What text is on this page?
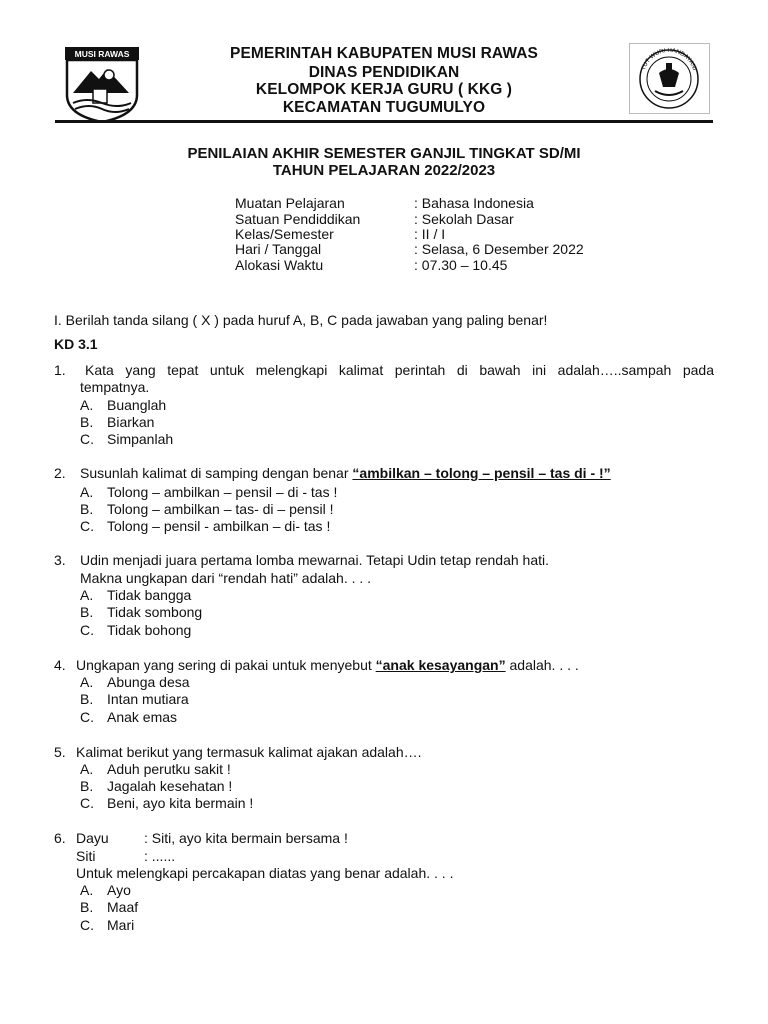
MUSI RAWAS	PEMERINTAH KABUPATEN MUSI RAWAS
DINAS PENDIDIKAN
KELOMPOK KERJA GURU ( KKG )
KECAMATAN TUGUMULYO
TUT WURI HANDAYANI
PENILAIAN AKHIR SEMESTER GANJIL TINGKAT SD/MI
TAHUN PELAJARAN 2022/2023
Muatan Pelajaran	: Bahasa Indonesia
Satuan Pendiddikan	: Sekolah Dasar
Kelas/Semester	: II / I
Hari / Tanggal	: Selasa, 6 Desember 2022
Alokasi Waktu	: 07.30 – 10.45
I. Berilah tanda silang ( X ) pada huruf A, B, C pada jawaban yang paling benar!
KD 3.1
1. Kata yang tepat untuk melengkapi kalimat perintah di bawah ini adalah…..sampah pada
tempatnya.
A. Buanglah
B. Biarkan
C. Simpanlah
2. Susunlah kalimat di samping dengan benar “ambilkan – tolong – pensil – tas di - !”
A. Tolong – ambilkan – pensil – di - tas !
B. Tolong – ambilkan – tas- di – pensil !
C. Tolong – pensil - ambilkan – di- tas !
3. Udin menjadi juara pertama lomba mewarnai. Tetapi Udin tetap rendah hati.
Makna ungkapan dari “rendah hati” adalah. . . .
A. Tidak bangga
B. Tidak sombong
C. Tidak bohong
4. Ungkapan yang sering di pakai untuk menyebut “anak kesayangan” adalah. . . .
A. Abunga desa
B. Intan mutiara
C. Anak emas
5. Kalimat berikut yang termasuk kalimat ajakan adalah….
A. Aduh perutku sakit !
B. Jagalah kesehatan !
C. Beni, ayo kita bermain !
6. Dayu	: Siti, ayo kita bermain bersama !
Siti	: ......
Untuk melengkapi percakapan diatas yang benar adalah. . . .
A. Ayo
B. Maaf
C. Mari
